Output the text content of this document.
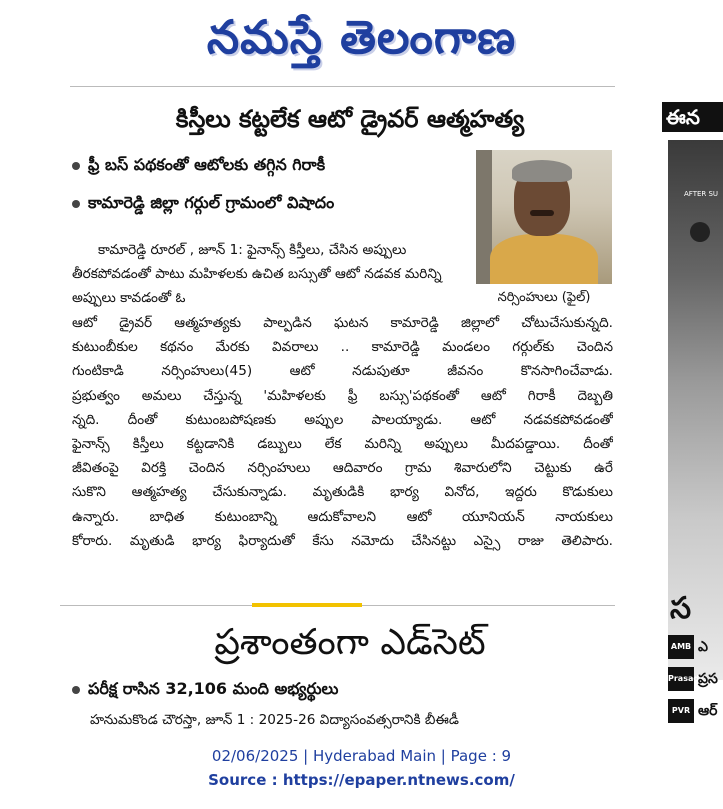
నమస్తే తెలంగాణ
కిస్తీలు కట్టలేక ఆటో డ్రైవర్ ఆత్మహత్య
ఫ్రీ బస్ పథకంతో ఆటోలకు తగ్గిన గిరాకీ
కామారెడ్డి జిల్లా గర్గుల్ గ్రామంలో విషాదం
నర్సింహులు (ఫైల్)
కామారెడ్డి రూరల్ , జూన్ 1: ఫైనాన్స్ కిస్తీలు, చేసిన అప్పులు తీరకపోవడంతో పాటు మహిళలకు ఉచిత బస్సుతో ఆటో నడవక మరిన్ని అప్పులు కావడంతో ఓ
ఆటో డ్రైవర్ ఆత్మహత్యకు పాల్పడిన ఘటన కామారెడ్డి జిల్లాలో చోటుచేసుకున్నది.
కుటుంబీకుల కథనం మేరకు వివరాలు .. కామారెడ్డి మండలం గర్గుల్‌కు చెందిన
గుంటికాడి నర్సింహులు(45) ఆటో నడుపుతూ జీవనం కొనసాగించేవాడు.
ప్రభుత్వం అమలు చేస్తున్న 'మహిళలకు ఫ్రీ బస్సు'పథకంతో ఆటో గిరాకీ దెబ్బతి
న్నది. దీంతో కుటుంబపోషణకు అప్పుల పాలయ్యాడు. ఆటో నడవకపోవడంతో
ఫైనాన్స్ కిస్తీలు కట్టడానికి డబ్బులు లేక మరిన్ని అప్పులు మీదపడ్డాయి. దీంతో
జీవితంపై విరక్తి చెందిన నర్సింహులు ఆదివారం గ్రామ శివారులోని చెట్టుకు ఉరే
సుకొని ఆత్మహత్య చేసుకున్నాడు. మృతుడికి భార్య వినోద, ఇద్దరు కొడుకులు
ఉన్నారు. బాధిత కుటుంబాన్ని ఆదుకోవాలని ఆటో యూనియన్ నాయకులు
కోరారు. మృతుడి భార్య ఫిర్యాదుతో కేసు నమోదు చేసినట్టు ఎస్సై రాజు తెలిపారు.
ప్రశాంతంగా ఎడ్‌సెట్
పరీక్ష రాసిన 32,106 మంది అభ్యర్థులు
హనుమకొండ చౌరస్తా, జూన్ 1 : 2025-26 విద్యాసంవత్సరానికి బీఈడీ
ఈన
AFTER SU
స
AMB ఎ
Prasads
ప్రస
PVR ఆర్
02/06/2025 | Hyderabad Main | Page : 9
Source : https://epaper.ntnews.com/
